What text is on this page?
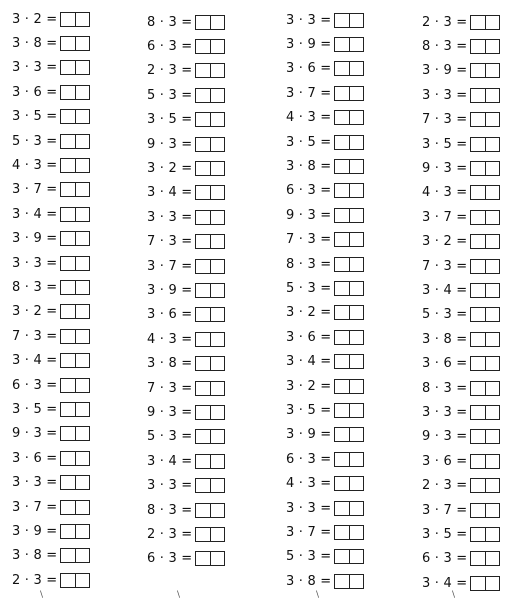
3 · 2 =
3 · 8 =
3 · 3 =
3 · 6 =
3 · 5 =
5 · 3 =
4 · 3 =
3 · 7 =
3 · 4 =
3 · 9 =
3 · 3 =
8 · 3 =
3 · 2 =
7 · 3 =
3 · 4 =
6 · 3 =
3 · 5 =
9 · 3 =
3 · 6 =
3 · 3 =
3 · 7 =
3 · 9 =
3 · 8 =
2 · 3 =
8 · 3 =
6 · 3 =
2 · 3 =
5 · 3 =
3 · 5 =
9 · 3 =
3 · 2 =
3 · 4 =
3 · 3 =
7 · 3 =
3 · 7 =
3 · 9 =
3 · 6 =
4 · 3 =
3 · 8 =
7 · 3 =
9 · 3 =
5 · 3 =
3 · 4 =
3 · 3 =
8 · 3 =
2 · 3 =
6 · 3 =
3 · 3 =
3 · 9 =
3 · 6 =
3 · 7 =
4 · 3 =
3 · 5 =
3 · 8 =
6 · 3 =
9 · 3 =
7 · 3 =
8 · 3 =
5 · 3 =
3 · 2 =
3 · 6 =
3 · 4 =
3 · 2 =
3 · 5 =
3 · 9 =
6 · 3 =
4 · 3 =
3 · 3 =
3 · 7 =
5 · 3 =
3 · 8 =
2 · 3 =
8 · 3 =
3 · 9 =
3 · 3 =
7 · 3 =
3 · 5 =
9 · 3 =
4 · 3 =
3 · 7 =
3 · 2 =
7 · 3 =
3 · 4 =
5 · 3 =
3 · 8 =
3 · 6 =
8 · 3 =
3 · 3 =
9 · 3 =
3 · 6 =
2 · 3 =
3 · 7 =
3 · 5 =
6 · 3 =
3 · 4 =
\	\	\	\
